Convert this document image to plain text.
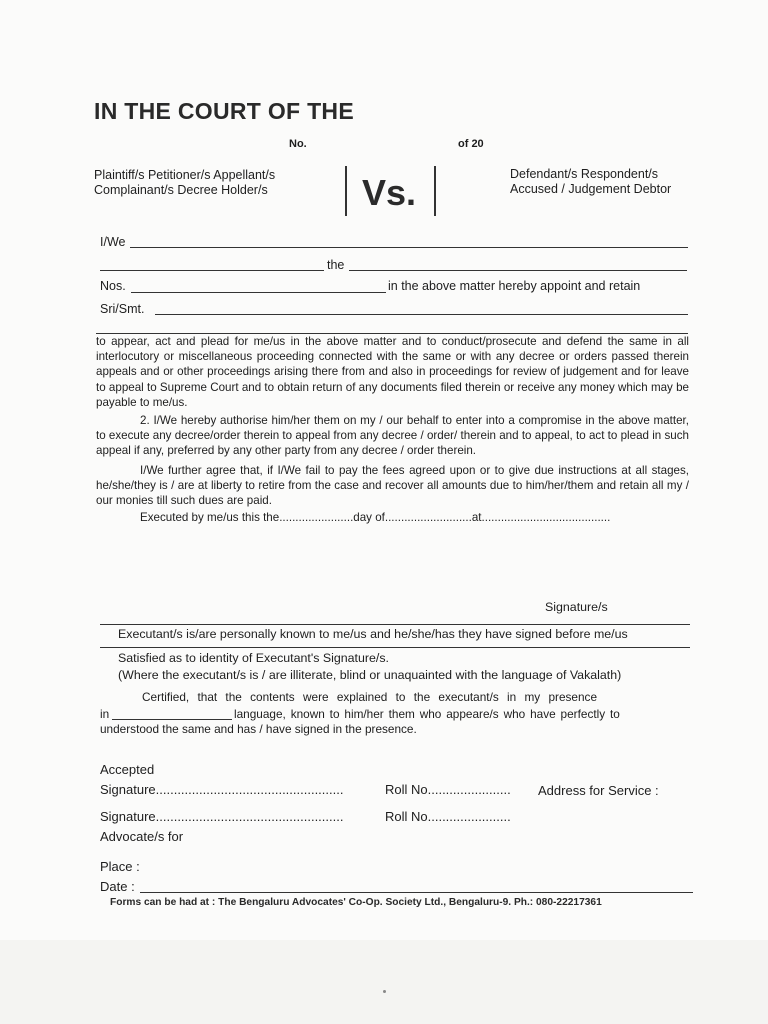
IN THE COURT OF THE
No.	of 20
Plaintiff/s Petitioner/s Appellant/s
Complainant/s Decree Holder/s	Vs.	Defendant/s Respondent/s
Accused / Judgement Debtor
I/We
the
Nos.	in the above matter hereby appoint and retain
Sri/Smt.
to appear, act and plead for me/us in the above matter and to conduct/prosecute and defend the same in all interlocutory or miscellaneous proceeding connected with the same or with any decree or orders passed therein appeals and or other proceedings arising there from and also in proceedings for review of judgement and for leave to appeal to Supreme Court and to obtain return of any documents filed therein or receive any money which may be payable to me/us.
2. I/We hereby authorise him/her them on my / our behalf to enter into a compromise in the above matter, to execute any decree/order therein to appeal from any decree / order/ therein and to appeal, to act to plead in such appeal if any, preferred by any other party from any decree / order therein.
I/We further agree that, if I/We fail to pay the fees agreed upon or to give due instructions at all stages, he/she/they is / are at liberty to retire from the case and recover all amounts due to him/her/them and retain all my / our monies till such dues are paid.
Executed by me/us this the.......................day of...........................at........................................
Signature/s
Executant/s is/are personally known to me/us and he/she/has they have signed before me/us
Satisfied as to identity of Executant's Signature/s.
(Where the executant/s is / are illiterate, blind or unaquainted with the language of Vakalath)
Certified, that the contents were explained to the executant/s in my presence
in	language, known to him/her them who appeare/s who have perfectly to
understood the same and has / have signed in the presence.
Accepted
Signature....................................................	Roll No....................... Address for Service :
Signature....................................................	Roll No.......................
Advocate/s for
Place :
Date :
Forms can be had at : The Bengaluru Advocates' Co-Op. Society Ltd., Bengaluru-9. Ph.: 080-22217361
